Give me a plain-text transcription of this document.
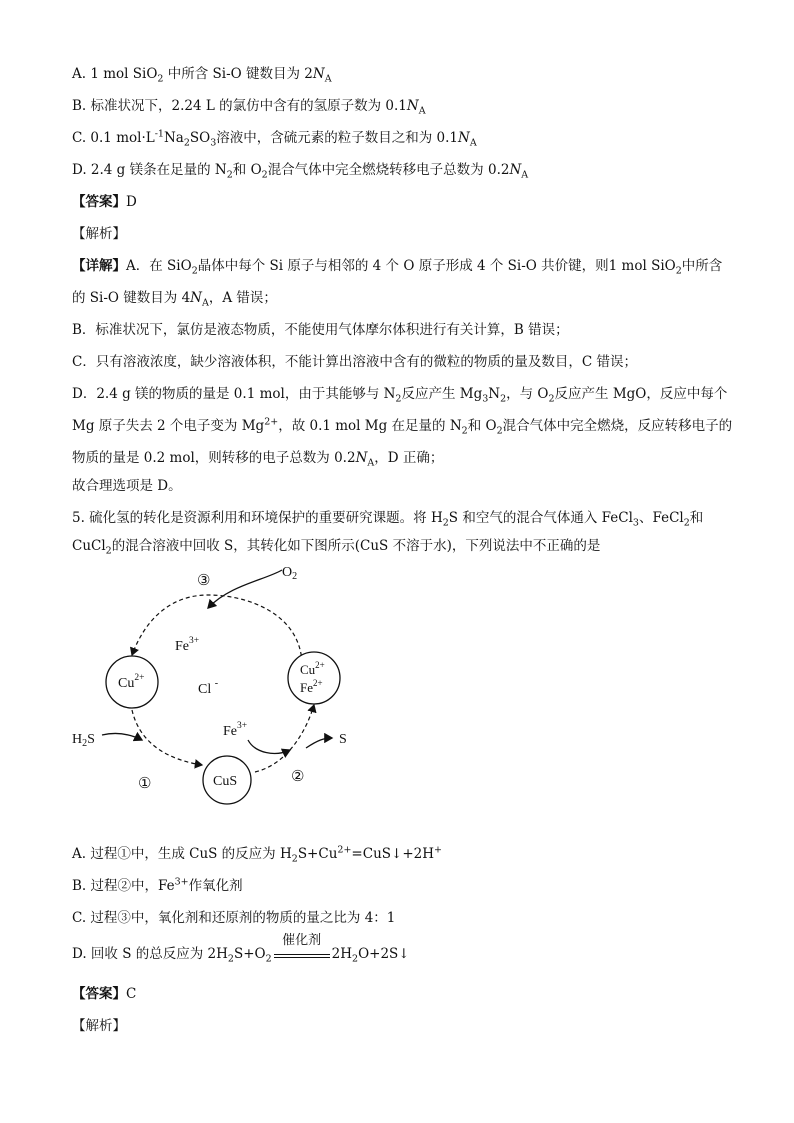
A. 1 mol SiO$_2$ 中所含 Si-O 键数目为 $2N_A$
B. 标准状况下，2.24 L 的氯仿中含有的氢原子数为 $0.1N_A$
C. 0.1 $mol\cdot L^{-1}Na_2SO_3$溶液中，含硫元素的粒子数目之和为 $0.1N_A$
D. 2.4 g 镁条在足量的 $N_2$和 $O_2$混合气体中完全燃烧转移电子总数为 $0.2N_A$
【答案】D
【解析】
【详解】A．在 SiO$_2$晶体中每个 Si 原子与相邻的 4 个 O 原子形成 4 个 Si-O 共价键，则1 mol SiO$_2$中所含
的 Si-O 键数目为 $4N_A$，A 错误；
B．标准状况下，氯仿是液态物质，不能使用气体摩尔体积进行有关计算，B 错误；
C．只有溶液浓度，缺少溶液体积，不能计算出溶液中含有的微粒的物质的量及数目，C 错误；
D．2.4 g 镁的物质的量是 0.1 mol，由于其能够与 $N_2$反应产生 $Mg_3N_2$，与 $O_2$反应产生 MgO，反应中每个
Mg 原子失去 2 个电子变为 $Mg^{2+}$，故 0.1 mol Mg 在足量的 $N_2$和 $O_2$混合气体中完全燃烧，反应转移电子的
物质的量是 0.2 mol，则转移的电子总数为 $0.2N_A$，D 正确；
故合理选项是 D。
5. 硫化氢的转化是资源利用和环境保护的重要研究课题。将 $H_2S$ 和空气的混合气体通入 FeCl$_3$、FeCl$_2$和
CuCl$_2$的混合溶液中回收 S，其转化如下图所示(CuS 不溶于水)，下列说法中不正确的是
③
$O_2$
$Fe^{3+}$
$Cu^{2+}$
Cl -
$Cu^{2+}$
$Fe^{2+}$
$H_2S$
$Fe^{3+}$
S
①	CuS	②
A. 过程①中，生成 CuS 的反应为 $H_2S+Cu^{2+}=CuS↓+2H^+$
B. 过程②中，$Fe^{3+}$作氧化剂
C. 过程③中，氧化剂和还原剂的物质的量之比为 4：1
D. 回收 S 的总反应为 $2H_2S+O_2$
催化剂
$2H_2O+2S↓$
【答案】C
【解析】
